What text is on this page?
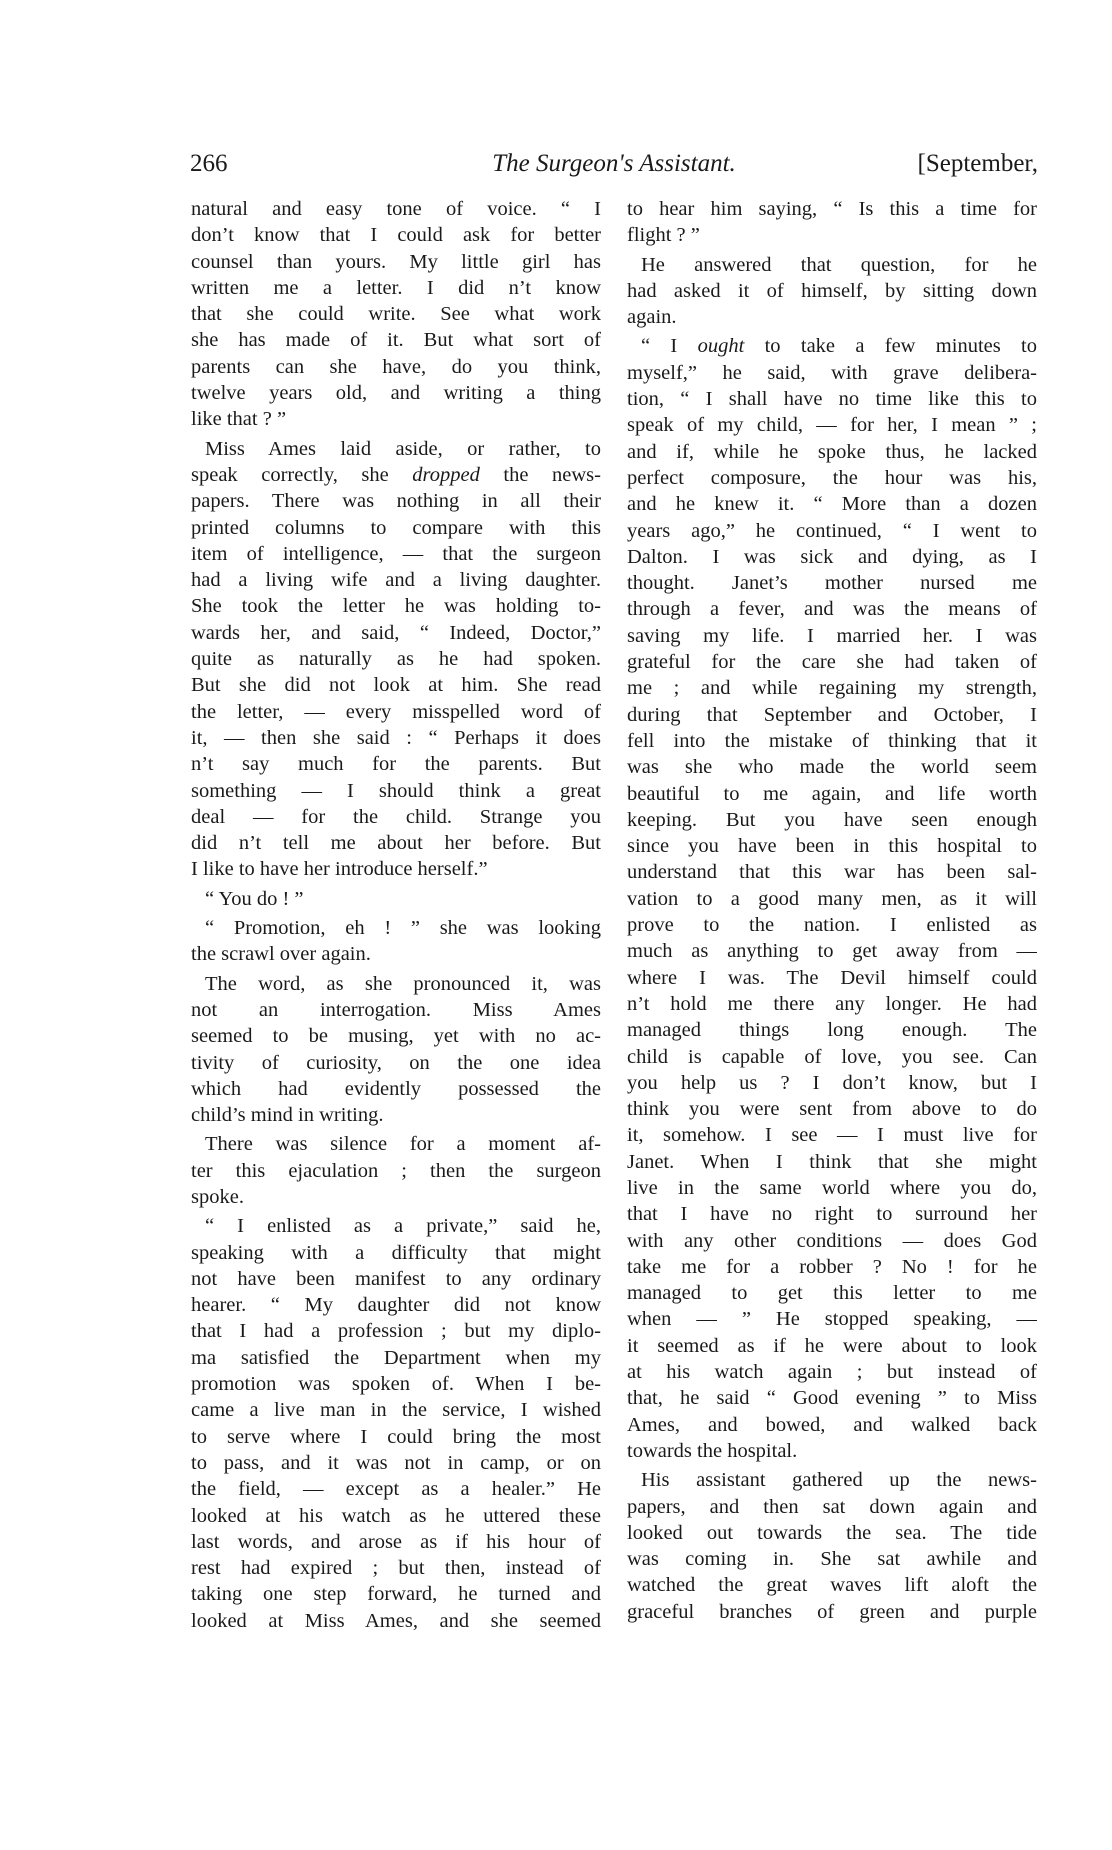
266	The Surgeon's Assistant.	[September,
natural and easy tone of voice. “ I
don’t know that I could ask for better
counsel than yours. My little girl has
written me a letter. I did n’t know
that she could write. See what work
she has made of it. But what sort of
parents can she have, do you think,
twelve years old, and writing a thing
like that ? ”
Miss Ames laid aside, or rather, to
speak correctly, she dropped the news-
papers. There was nothing in all their
printed columns to compare with this
item of intelligence, — that the surgeon
had a living wife and a living daughter.
She took the letter he was holding to-
wards her, and said, “ Indeed, Doctor,”
quite as naturally as he had spoken.
But she did not look at him. She read
the letter, — every misspelled word of
it, — then she said : “ Perhaps it does
n’t say much for the parents. But
something — I should think a great
deal — for the child. Strange you
did n’t tell me about her before. But
I like to have her introduce herself.”
“ You do ! ”
“ Promotion, eh ! ” she was looking
the scrawl over again.
The word, as she pronounced it, was
not an interrogation. Miss Ames
seemed to be musing, yet with no ac-
tivity of curiosity, on the one idea
which had evidently possessed the
child’s mind in writing.
There was silence for a moment af-
ter this ejaculation ; then the surgeon
spoke.
“ I enlisted as a private,” said he,
speaking with a difficulty that might
not have been manifest to any ordinary
hearer. “ My daughter did not know
that I had a profession ; but my diplo-
ma satisfied the Department when my
promotion was spoken of. When I be-
came a live man in the service, I wished
to serve where I could bring the most
to pass, and it was not in camp, or on
the field, — except as a healer.” He
looked at his watch as he uttered these
last words, and arose as if his hour of
rest had expired ; but then, instead of
taking one step forward, he turned and
looked at Miss Ames, and she seemed
to hear him saying, “ Is this a time for
flight ? ”
He answered that question, for he
had asked it of himself, by sitting down
again.
“ I ought to take a few minutes to
myself,” he said, with grave delibera-
tion, “ I shall have no time like this to
speak of my child, — for her, I mean ” ;
and if, while he spoke thus, he lacked
perfect composure, the hour was his,
and he knew it. “ More than a dozen
years ago,” he continued, “ I went to
Dalton. I was sick and dying, as I
thought. Janet’s mother nursed me
through a fever, and was the means of
saving my life. I married her. I was
grateful for the care she had taken of
me ; and while regaining my strength,
during that September and October, I
fell into the mistake of thinking that it
was she who made the world seem
beautiful to me again, and life worth
keeping. But you have seen enough
since you have been in this hospital to
understand that this war has been sal-
vation to a good many men, as it will
prove to the nation. I enlisted as
much as anything to get away from —
where I was. The Devil himself could
n’t hold me there any longer. He had
managed things long enough. The
child is capable of love, you see. Can
you help us ? I don’t know, but I
think you were sent from above to do
it, somehow. I see — I must live for
Janet. When I think that she might
live in the same world where you do,
that I have no right to surround her
with any other conditions — does God
take me for a robber ? No ! for he
managed to get this letter to me
when — ” He stopped speaking, —
it seemed as if he were about to look
at his watch again ; but instead of
that, he said “ Good evening ” to Miss
Ames, and bowed, and walked back
towards the hospital.
His assistant gathered up the news-
papers, and then sat down again and
looked out towards the sea. The tide
was coming in. She sat awhile and
watched the great waves lift aloft the
graceful branches of green and purple
